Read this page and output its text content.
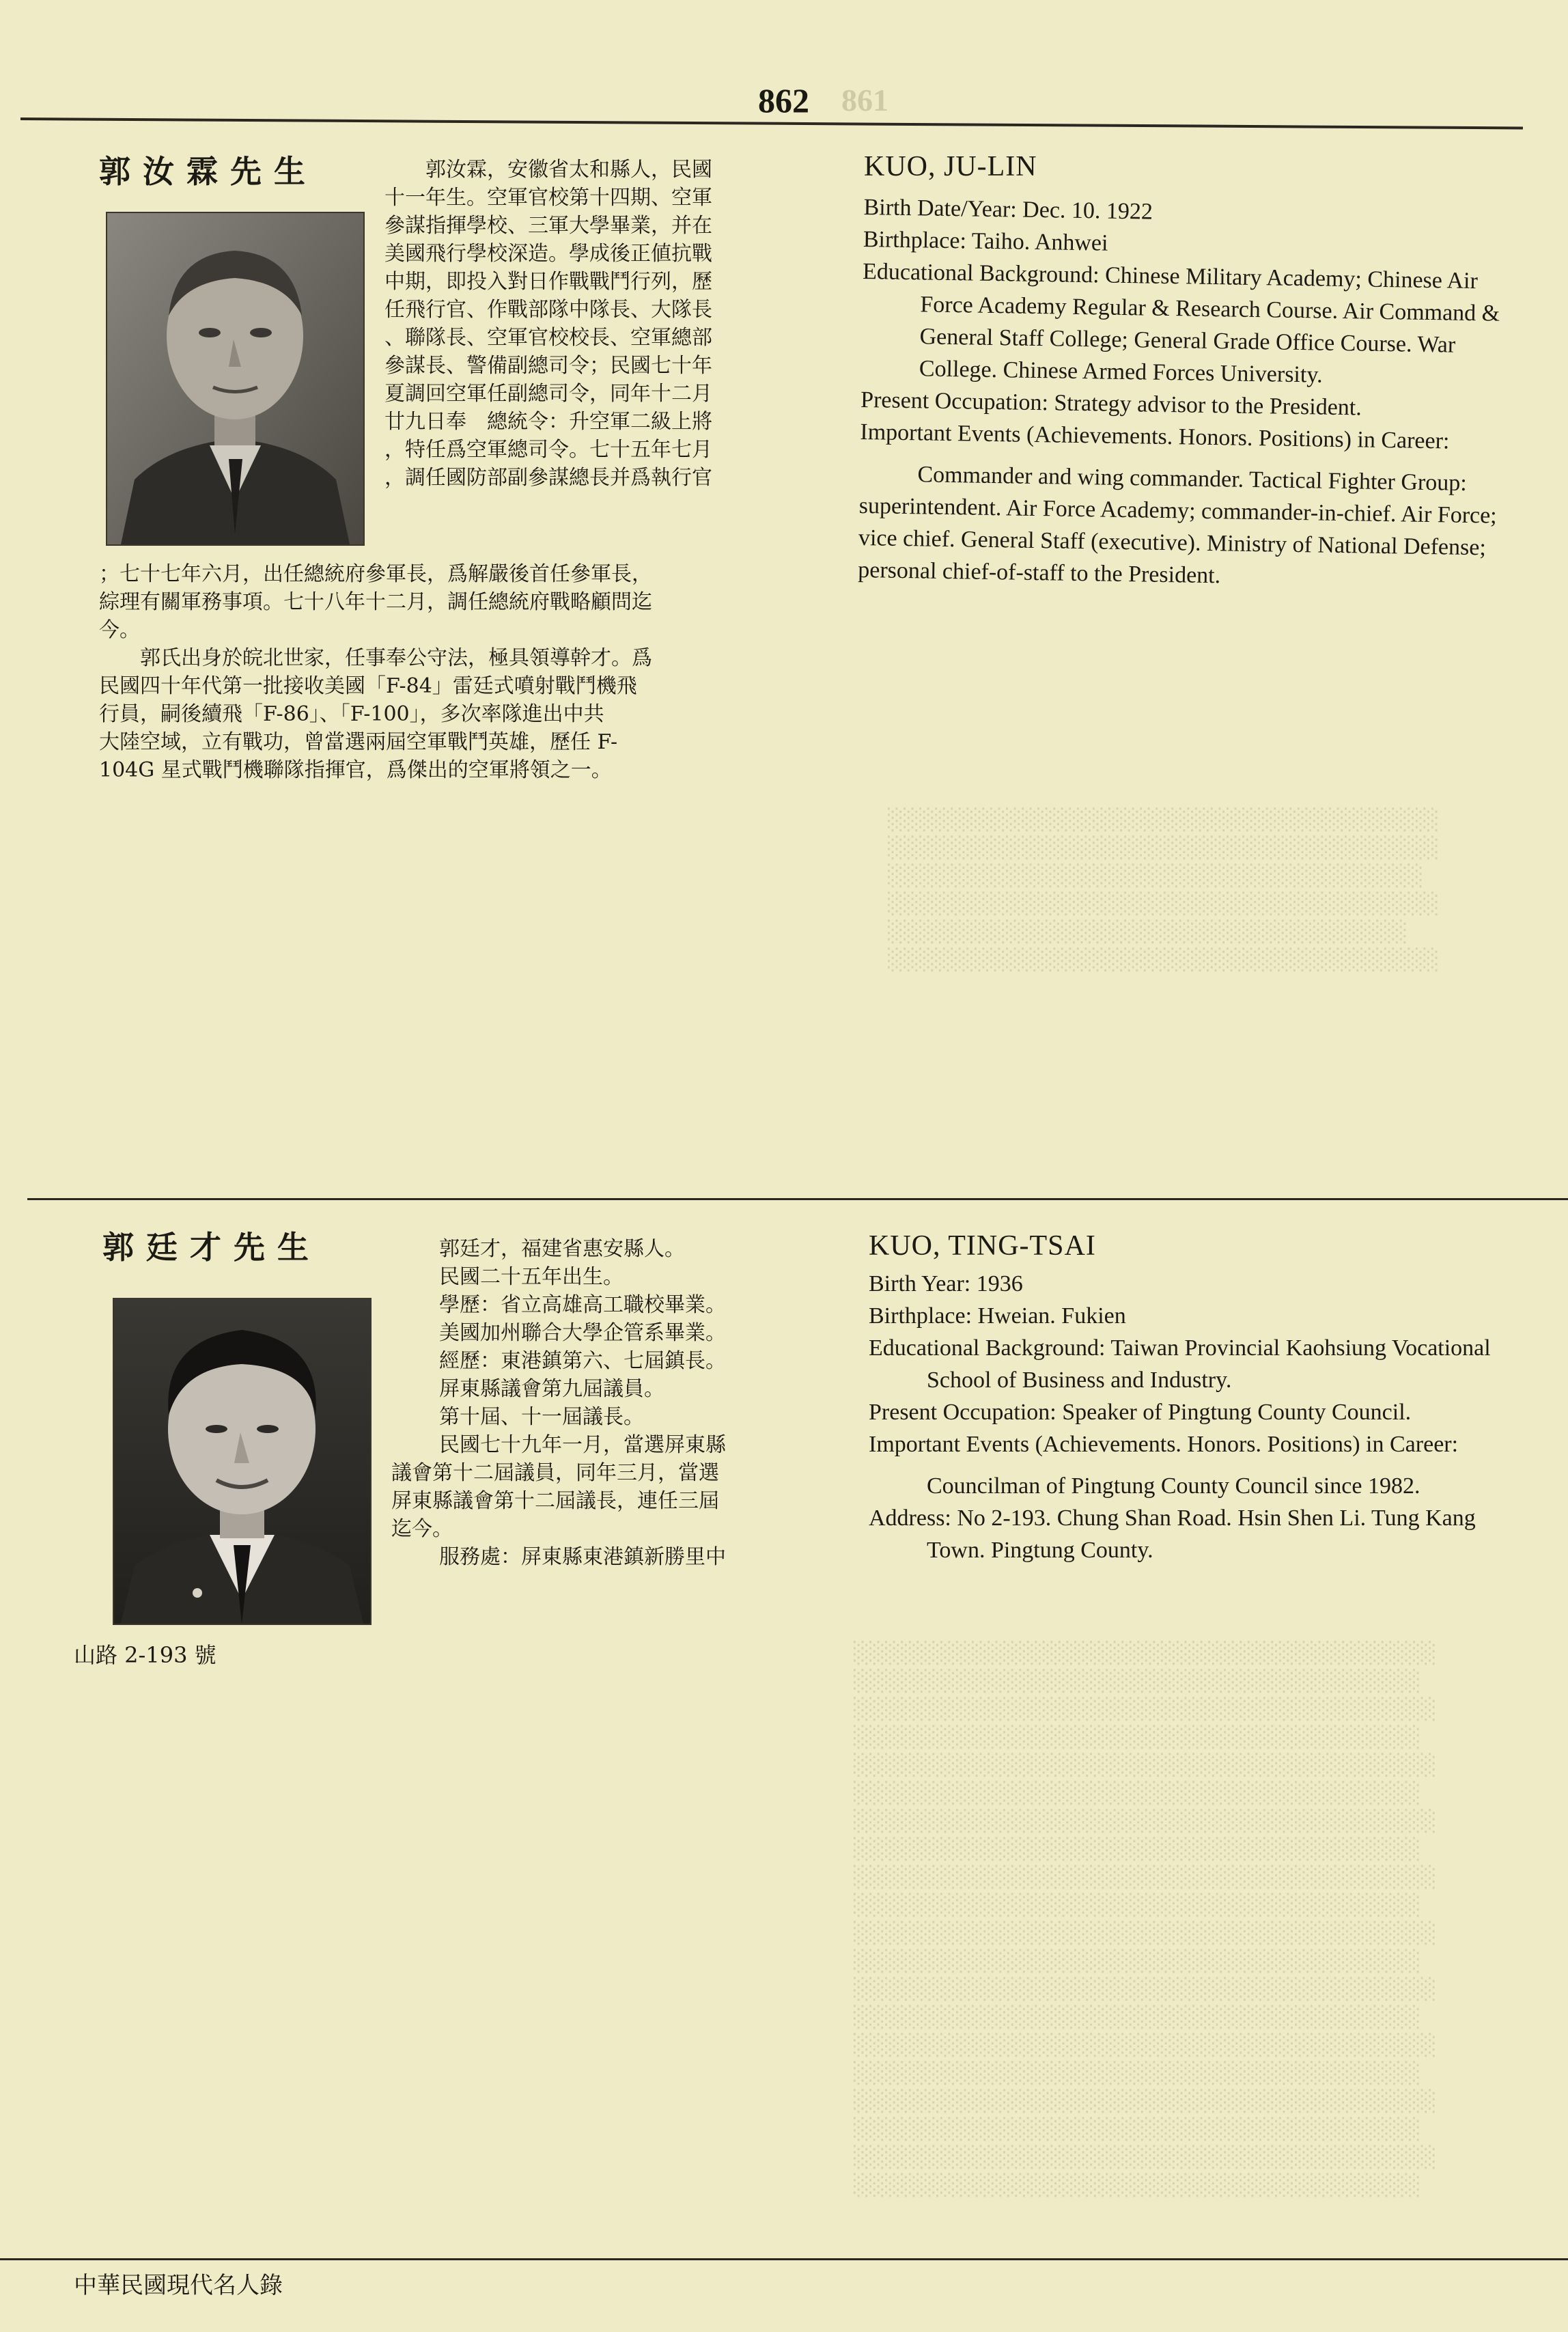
861
862
░░░░░░░░░░░░░░░░░░░░░░░░░░░░░░░░░░░
░░░░░░░░░░░░░░░░░░░░░░░░░░░░░░░░░░░
░░░░░░░░░░░░░░░░░░░░░░░░░░░░░░░░░░
░░░░░░░░░░░░░░░░░░░░░░░░░░░░░░░░░░░
░░░░░░░░░░░░░░░░░░░░░░░░░░░░░░░░░
░░░░░░░░░░░░░░░░░░░░░░░░░░░░░░░░░░░
░░░░░░░░░░░░░░░░░░░░░░░░░░░░░░░░░░░░░
░░░░░░░░░░░░░░░░░░░░░░░░░░░░░░░░░░░░
░░░░░░░░░░░░░░░░░░░░░░░░░░░░░░░░░░░░░
░░░░░░░░░░░░░░░░░░░░░░░░░░░░░░░░░░░░
░░░░░░░░░░░░░░░░░░░░░░░░░░░░░░░░░░░░░
░░░░░░░░░░░░░░░░░░░░░░░░░░░░░░░░░░░░
░░░░░░░░░░░░░░░░░░░░░░░░░░░░░░░░░░░░░
░░░░░░░░░░░░░░░░░░░░░░░░░░░░░░░░░░░░
░░░░░░░░░░░░░░░░░░░░░░░░░░░░░░░░░░░░░
░░░░░░░░░░░░░░░░░░░░░░░░░░░░░░░░░░░░
░░░░░░░░░░░░░░░░░░░░░░░░░░░░░░░░░░░░░
░░░░░░░░░░░░░░░░░░░░░░░░░░░░░░░░░░░░
░░░░░░░░░░░░░░░░░░░░░░░░░░░░░░░░░░░░░
░░░░░░░░░░░░░░░░░░░░░░░░░░░░░░░░░░░░
░░░░░░░░░░░░░░░░░░░░░░░░░░░░░░░░░░░░░
░░░░░░░░░░░░░░░░░░░░░░░░░░░░░░░░░░░░
░░░░░░░░░░░░░░░░░░░░░░░░░░░░░░░░░░░░░
░░░░░░░░░░░░░░░░░░░░░░░░░░░░░░░░░░░░
░░░░░░░░░░░░░░░░░░░░░░░░░░░░░░░░░░░░░
░░░░░░░░░░░░░░░░░░░░░░░░░░░░░░░░░░░░
郭汝霖先生	郭汝霖，安徽省太和縣人，民國

十一年生。空軍官校第十四期、空軍

參謀指揮學校、三軍大學畢業，并在

美國飛行學校深造。學成後正値抗戰

中期，即投入對日作戰戰鬥行列，歷

任飛行官、作戰部隊中隊長、大隊長

、聯隊長、空軍官校校長、空軍總部

參謀長、警備副總司令；民國七十年

夏調回空軍任副總司令，同年十二月

廿九日奉　總統令：升空軍二級上將

，特任爲空軍總司令。七十五年七月

，調任國防部副參謀總長并爲執行官

；七十七年六月，出任總統府參軍長，爲解嚴後首任參軍長，

綜理有關軍務事項。七十八年十二月，調任總統府戰略顧問迄

今。

郭氏出身於皖北世家，任事奉公守法，極具領導幹才。爲

民國四十年代第一批接收美國「F-84」雷廷式噴射戰鬥機飛

行員，嗣後續飛「F-86」、「F-100」，多次率隊進出中共

大陸空域，立有戰功，曾當選兩屆空軍戰鬥英雄，歷任 F-

104G 星式戰鬥機聯隊指揮官，爲傑出的空軍將領之一。

KUO, JU-LIN

Birth Date/Year: Dec. 10. 1922

Birthplace: Taiho. Anhwei

Educational Background: Chinese Military Academy; Chinese Air Force Academy Regular & Research Course. Air Command & General Staff College; General Grade Office Course. War College. Chinese Armed Forces University.

Present Occupation: Strategy advisor to the President.

Important Events (Achievements. Honors. Positions) in Career:

Commander and wing commander. Tactical Fighter Group: superintendent. Air Force Academy; commander-in-chief. Air Force; vice chief. General Staff (executive). Ministry of National Defense; personal chief-of-staff to the President.

郭廷才先生	郭廷才，福建省惠安縣人。

民國二十五年出生。

學歷：省立高雄高工職校畢業。

美國加州聯合大學企管系畢業。

經歷：東港鎮第六、七屆鎮長。

屏東縣議會第九屆議員。

第十屆、十一屆議長。

民國七十九年一月，當選屏東縣

議會第十二屆議員，同年三月，當選

屏東縣議會第十二屆議長，連任三屆

迄今。

服務處：屏東縣東港鎮新勝里中

山路 2-193 號
KUO, TING-TSAI

Birth Year: 1936

Birthplace: Hweian. Fukien

Educational Background: Taiwan Provincial Kaohsiung Vocational School of Business and Industry.

Present Occupation: Speaker of Pingtung County Council.

Important Events (Achievements. Honors. Positions) in Career:

Councilman of Pingtung County Council since 1982.

Address: No 2-193. Chung Shan Road. Hsin Shen Li. Tung Kang Town. Pingtung County.

中華民國現代名人錄
